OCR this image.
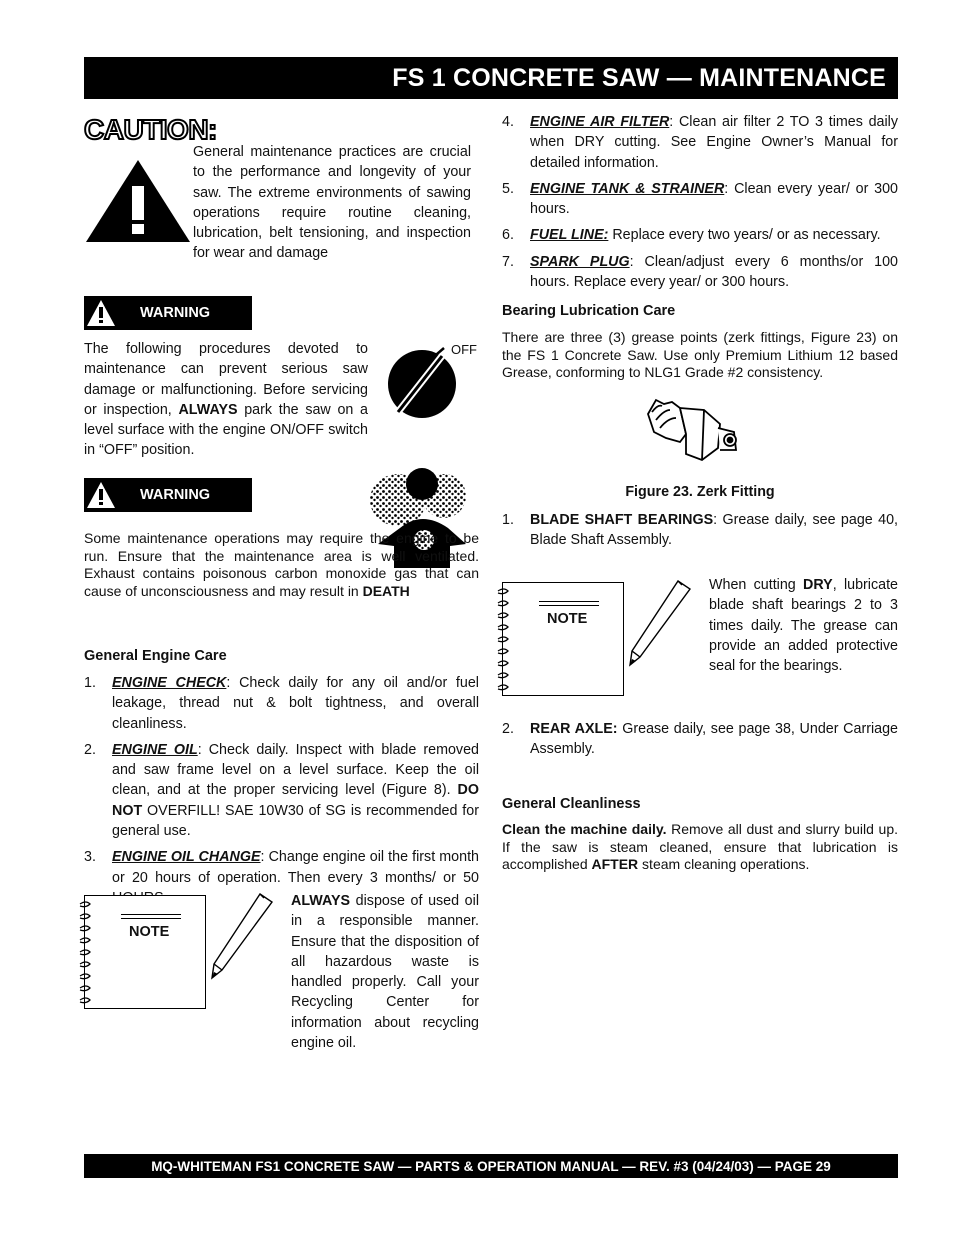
FS 1 CONCRETE SAW — MAINTENANCE
CAUTION:

General maintenance practices are crucial to the performance and longevity of your saw. The extreme environments of sawing operations require routine cleaning, lubrication, belt tensioning, and inspection for wear and damage

WARNING

The following procedures devoted to maintenance can prevent serious saw damage or malfunctioning. Before servicing or inspection, ALWAYS park the saw on a level surface with the engine ON/OFF switch in “OFF” position.

OFF
WARNING

Some maintenance operations may require the engine to be run. Ensure that the maintenance area is well ventilated. Exhaust contains poisonous carbon monoxide gas that can cause of unconsciousness and may result in DEATH

General Engine Care
1.	ENGINE CHECK: Check daily for any oil and/or fuel leakage, thread nut & bolt tightness, and overall cleanliness.
2.	ENGINE OIL: Check daily. Inspect with blade removed and saw frame level on a level surface. Keep the oil clean, and at the proper servicing level (Figure 8). DO NOT OVERFILL! SAE 10W30 of SG is recommended for general use.
3.	ENGINE OIL CHANGE: Change engine oil the first month or 20 hours of operation. Then every 3 months/ or 50
NOTE

ALWAYS dispose of used oil in a responsible manner. Ensure that the disposition of all hazardous waste is handled properly. Call your Recycling Center for information about recycling engine oil.

4.	ENGINE AIR FILTER: Clean air filter 2 TO 3 times daily when DRY cutting. See Engine Owner’s Manual for detailed information.
5.	ENGINE TANK & STRAINER: Clean every year/ or 300 hours.
6.	FUEL LINE: Replace every two years/ or as necessary.
7.	SPARK PLUG: Clean/adjust every 6 months/or 100 hours. Replace every year/ or 300 hours.
Bearing Lubrication Care

There are three (3) grease points (zerk fittings, Figure 23) on the FS 1 Concrete Saw. Use only Premium Lithium 12 based Grease, conforming to NLG1 Grade #2 consistency.

Figure 23. Zerk Fitting
1.	BLADE SHAFT BEARINGS: Grease daily, see page 40, Blade Shaft Assembly.
NOTE

When cutting DRY, lubricate blade shaft bearings 2 to 3 times daily. The grease can provide an added protective seal for the bearings.

2.	REAR AXLE: Grease daily, see page 38, Under Carriage Assembly.
General Cleanliness

Clean the machine daily. Remove all dust and slurry build up. If the saw is steam cleaned, ensure that lubrication is accomplished AFTER steam cleaning operations.

MQ-WHITEMAN FS1 CONCRETE SAW — PARTS & OPERATION MANUAL — REV. #3 (04/24/03) — PAGE 29
